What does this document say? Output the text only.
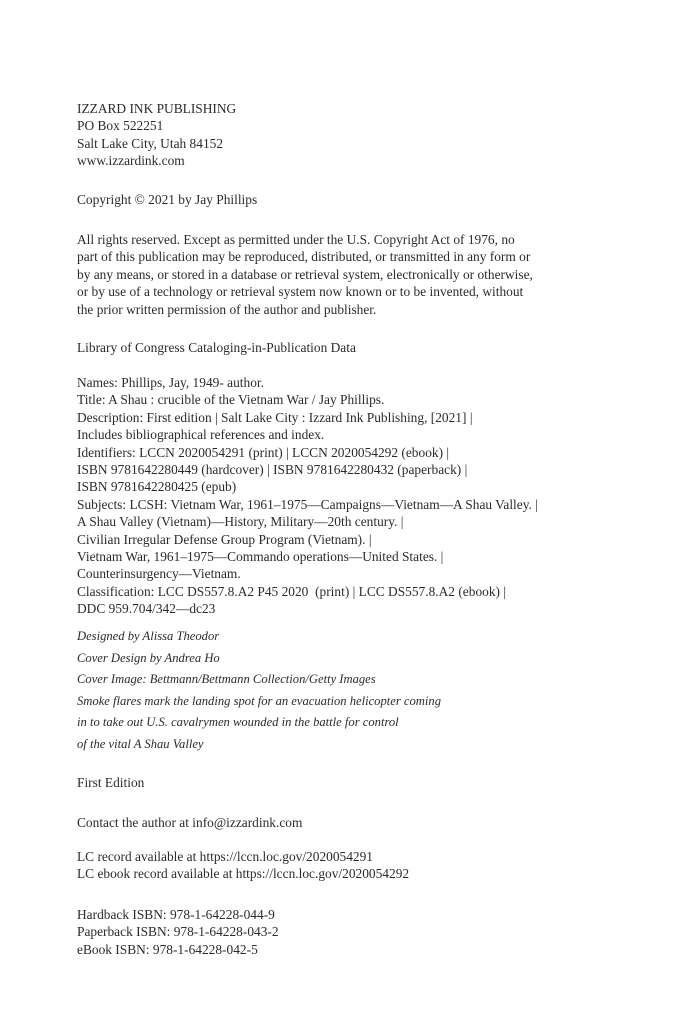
IZZARD INK PUBLISHING
PO Box 522251
Salt Lake City, Utah 84152
www.izzardink.com
Copyright © 2021 by Jay Phillips
All rights reserved. Except as permitted under the U.S. Copyright Act of 1976, no
part of this publication may be reproduced, distributed, or transmitted in any form or
by any means, or stored in a database or retrieval system, electronically or otherwise,
or by use of a technology or retrieval system now known or to be invented, without
the prior written permission of the author and publisher.
Library of Congress Cataloging-in-Publication Data
Names: Phillips, Jay, 1949- author.
Title: A Shau : crucible of the Vietnam War / Jay Phillips.
Description: First edition | Salt Lake City : Izzard Ink Publishing, [2021] |
Includes bibliographical references and index.
Identifiers: LCCN 2020054291 (print) | LCCN 2020054292 (ebook) |
ISBN 9781642280449 (hardcover) | ISBN 9781642280432 (paperback) |
ISBN 9781642280425 (epub)
Subjects: LCSH: Vietnam War, 1961–1975—Campaigns—Vietnam—A Shau Valley. |
A Shau Valley (Vietnam)—History, Military—20th century. |
Civilian Irregular Defense Group Program (Vietnam). |
Vietnam War, 1961–1975—Commando operations—United States. |
Counterinsurgency—Vietnam.
Classification: LCC DS557.8.A2 P45 2020  (print) | LCC DS557.8.A2 (ebook) |
DDC 959.704/342—dc23
Designed by Alissa Theodor
Cover Design by Andrea Ho
Cover Image: Bettmann/Bettmann Collection/Getty Images
Smoke flares mark the landing spot for an evacuation helicopter coming
in to take out U.S. cavalrymen wounded in the battle for control
of the vital A Shau Valley
First Edition
Contact the author at info@izzardink.com
LC record available at https://lccn.loc.gov/2020054291
LC ebook record available at https://lccn.loc.gov/2020054292
Hardback ISBN: 978-1-64228-044-9
Paperback ISBN: 978-1-64228-043-2
eBook ISBN: 978-1-64228-042-5
